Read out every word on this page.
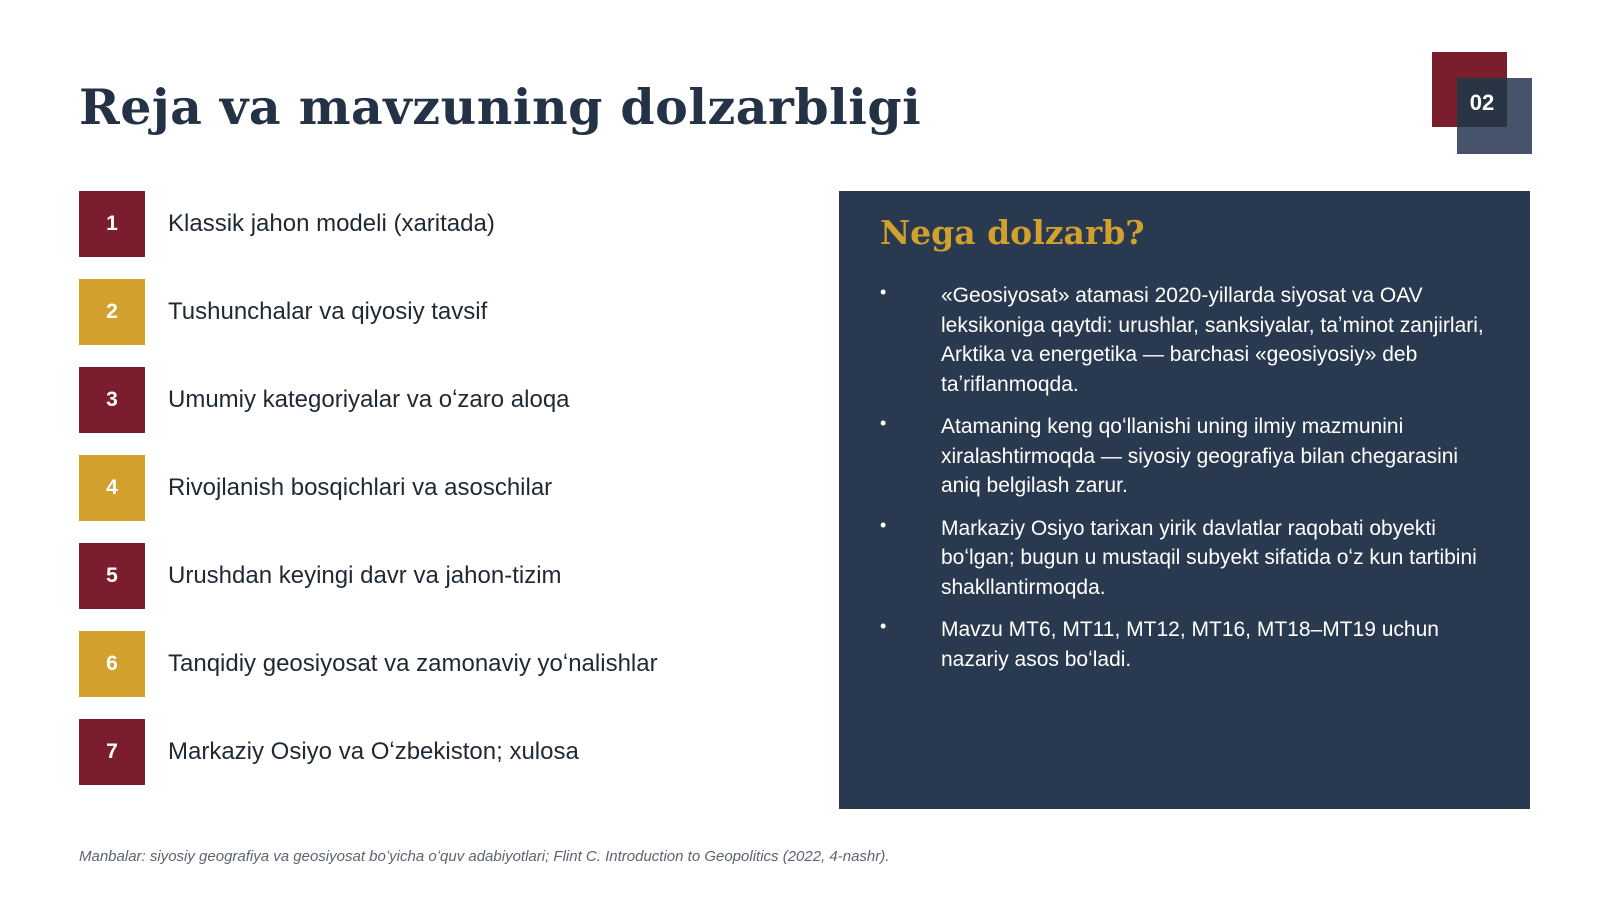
Reja va mavzuning dolzarbligi	02
1	Klassik jahon modeli (xaritada)
2	Tushunchalar va qiyosiy tavsif
3	Umumiy kategoriyalar va oʻzaro aloqa
4	Rivojlanish bosqichlari va asoschilar
5	Urushdan keyingi davr va jahon-tizim
6	Tanqidiy geosiyosat va zamonaviy yoʻnalishlar
7	Markaziy Osiyo va Oʻzbekiston; xulosa
Nega dolzarb?
•	«Geosiyosat» atamasi 2020-yillarda siyosat va OAV leksikoniga qaytdi: urushlar, sanksiyalar, taʼminot zanjirlari, Arktika va energetika — barchasi «geosiyosiy» deb taʼriflanmoqda.
•	Atamaning keng qoʻllanishi uning ilmiy mazmunini xiralashtirmoqda — siyosiy geografiya bilan chegarasini aniq belgilash zarur.
•	Markaziy Osiyo tarixan yirik davlatlar raqobati obyekti boʻlgan; bugun u mustaqil subyekt sifatida oʻz kun tartibini shakllantirmoqda.
•	Mavzu MT6, MT11, MT12, MT16, MT18–MT19 uchun nazariy asos boʻladi.

Manbalar: siyosiy geografiya va geosiyosat boʻyicha oʻquv adabiyotlari; Flint C. Introduction to Geopolitics (2022, 4-nashr).
